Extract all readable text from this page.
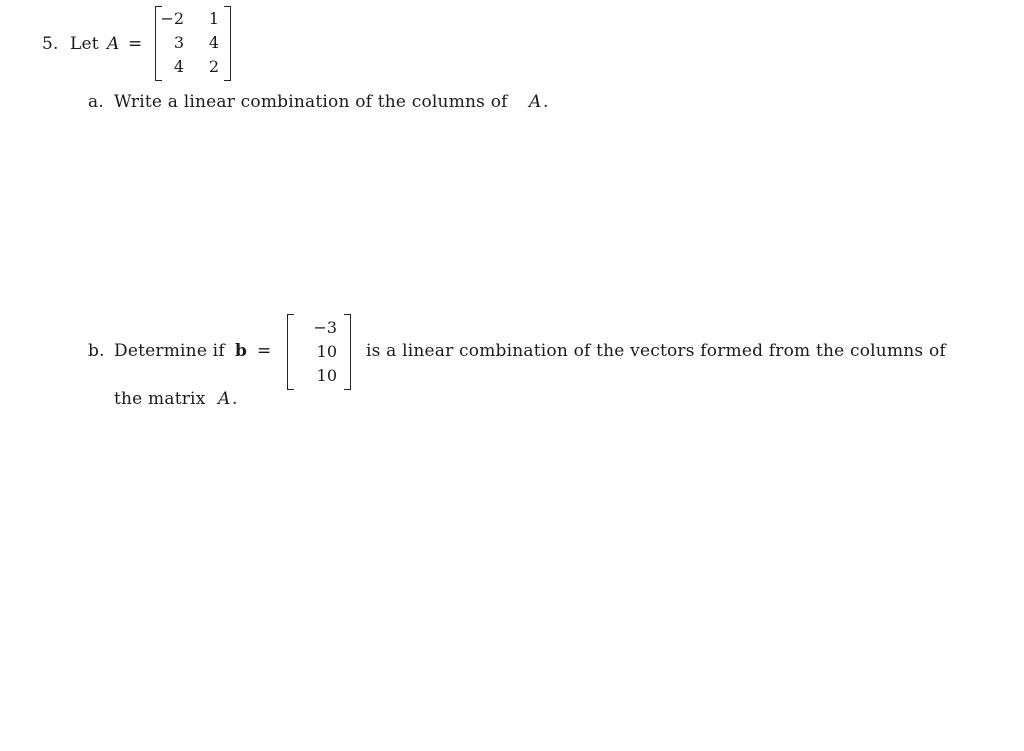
5. Let A =
−2 1
3 4
4 2
a. Write a linear combination of the columns of A .
b. Determine if b =
−3
10
10
is a linear combination of the vectors formed from the columns of
the matrix A .
